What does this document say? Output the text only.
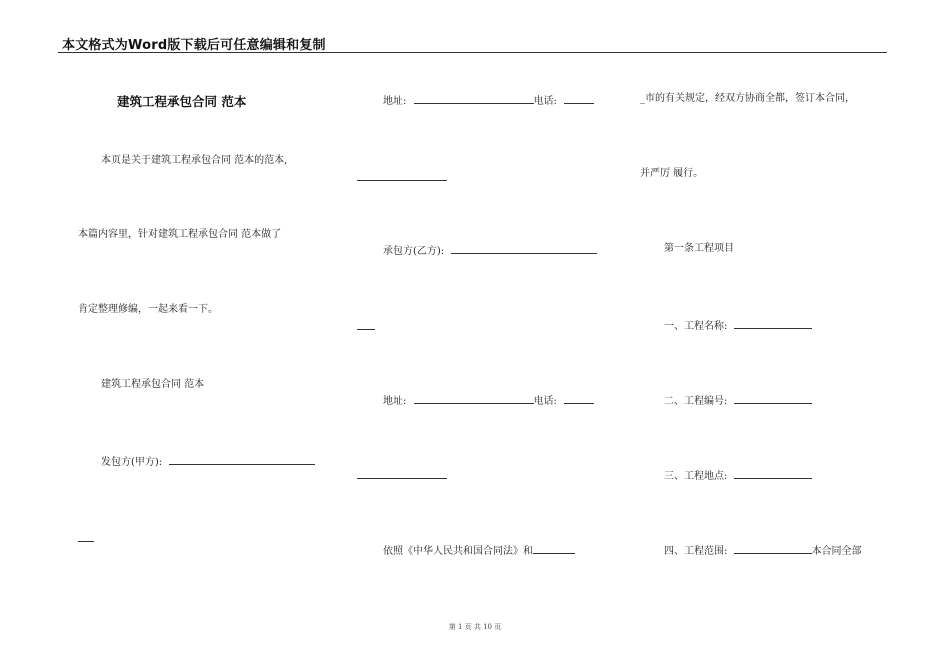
本文格式为Word版下载后可任意编辑和复制
建筑工程承包合同 范本
本页是关于建筑工程承包合同 范本的范本,
本篇内容里，针对建筑工程承包合同 范本做了
肯定整理修编，一起来看一下。
建筑工程承包合同 范本
发包方(甲方):
地址:	电话:
承包方(乙方):
地址:	电话:
依照《中华人民共和国合同法》和
_市的有关规定，经双方协商全都，签订本合同，
并严厉 履行。
第一条工程项目
一、工程名称:
二、工程编号:
三、工程地点:
四、工程范围:	本合同全部
第 1 页 共 10 页
